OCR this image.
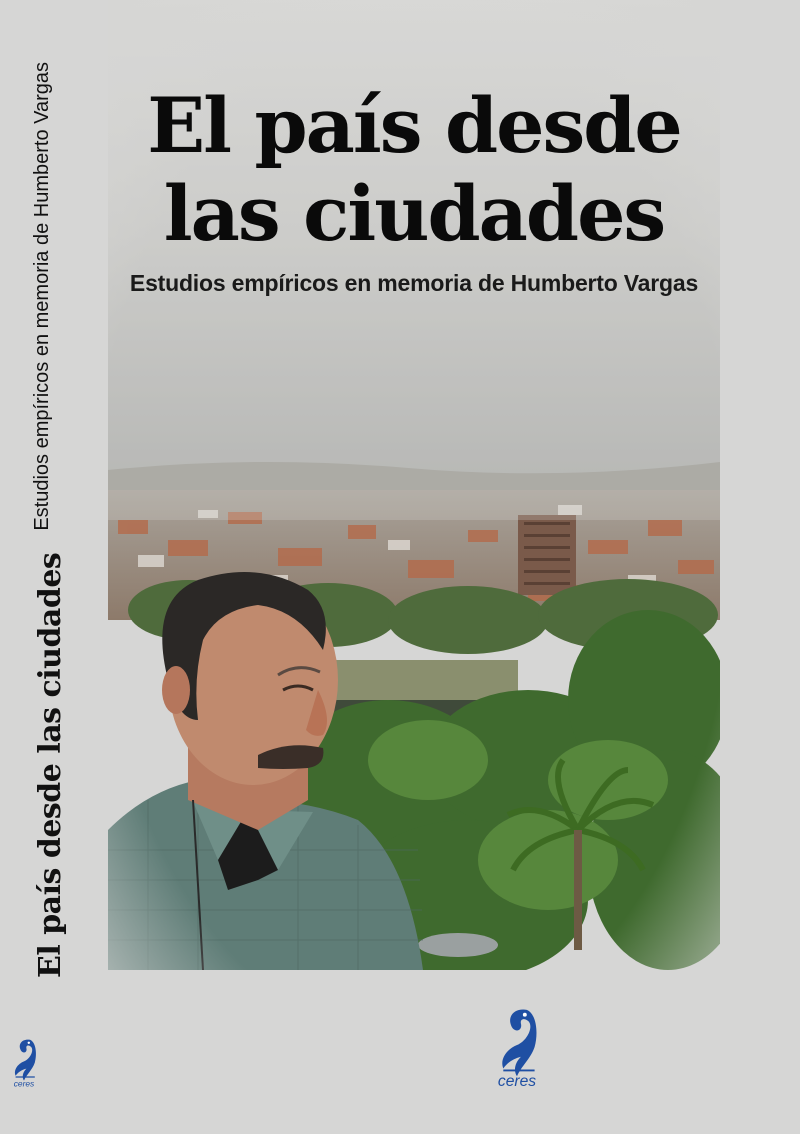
El país desde las ciudades
Estudios empíricos en memoria de Humberto Vargas
ceres
El país desde
las ciudades
Estudios empíricos en memoria de Humberto Vargas
ceres
